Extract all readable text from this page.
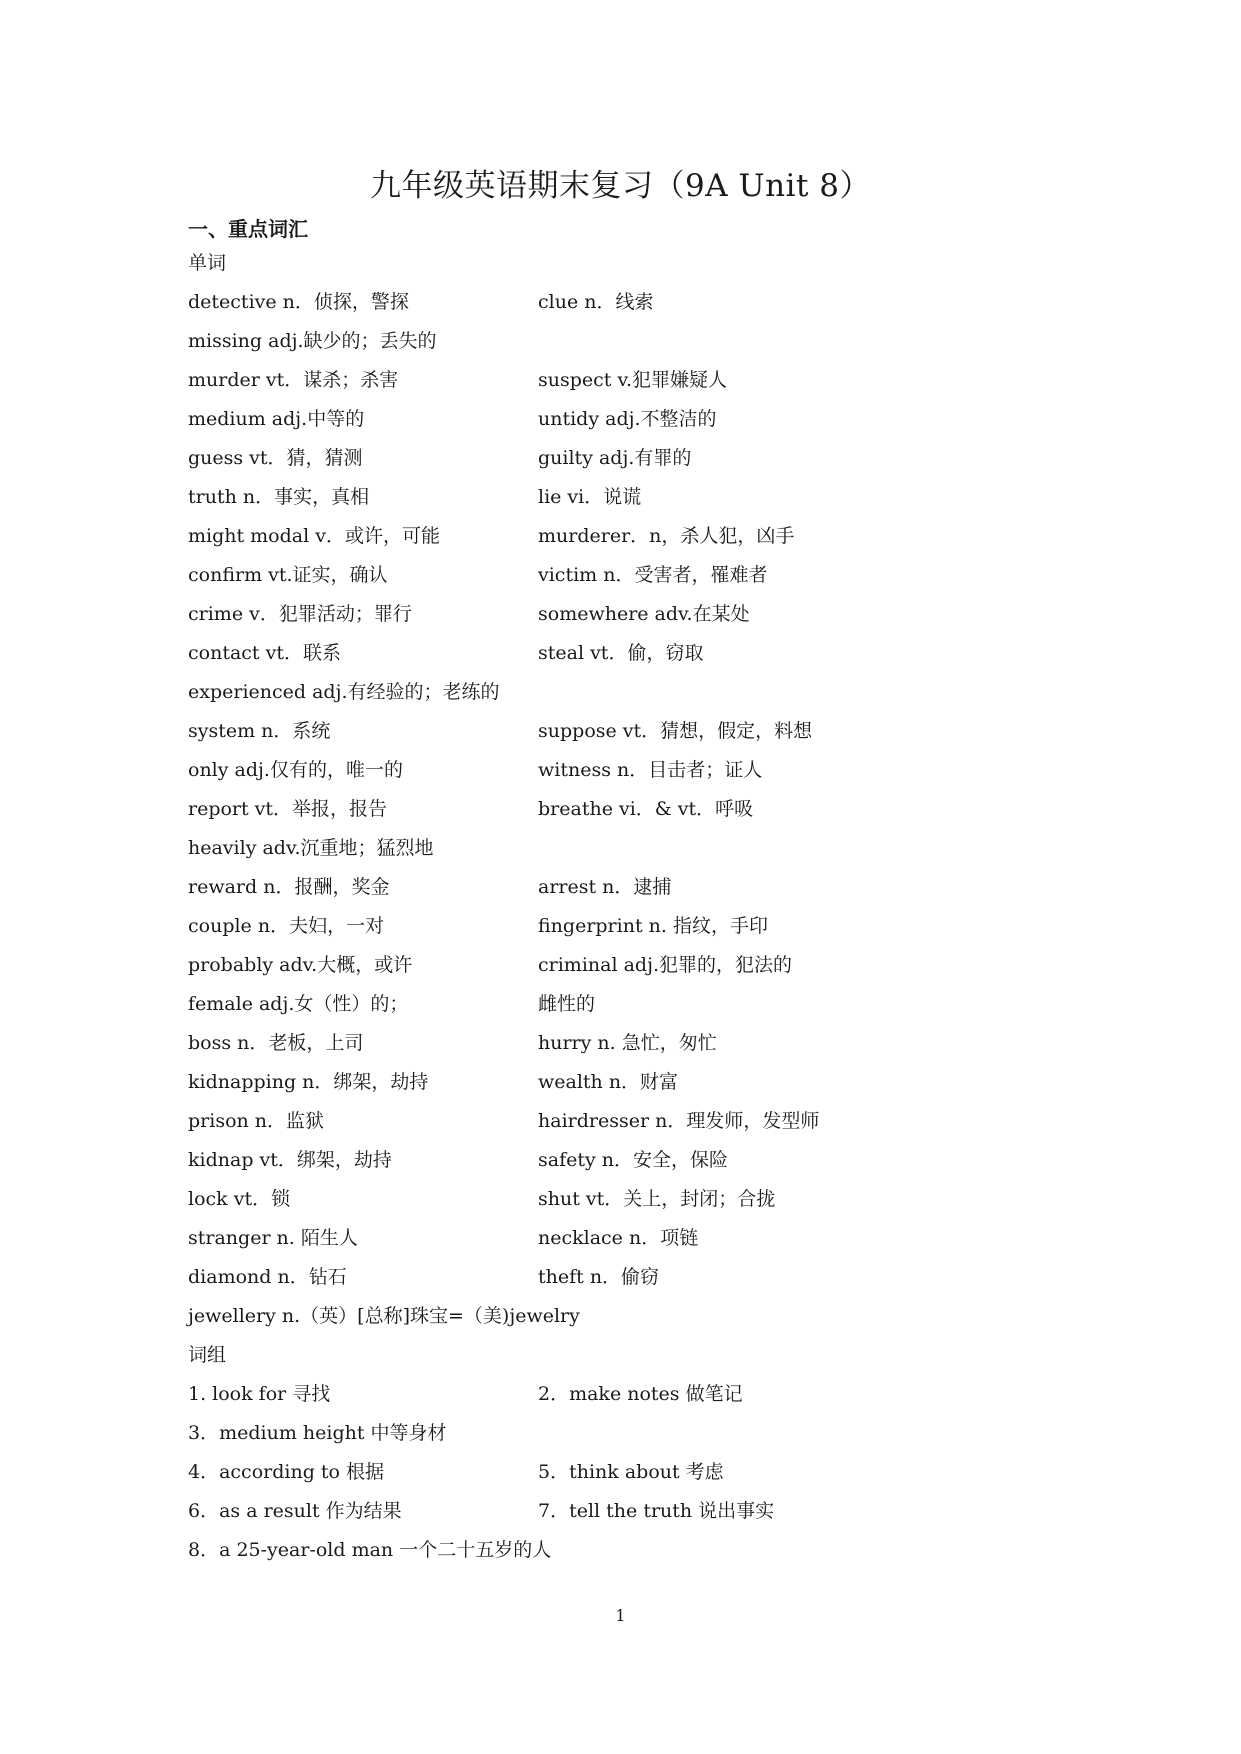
九年级英语期末复习（9A Unit 8）
一、重点词汇
单词
detective n．侦探，警探	clue n．线索
missing adj.缺少的；丢失的
murder vt．谋杀；杀害	suspect v.犯罪嫌疑人
medium adj.中等的	untidy adj.不整洁的
guess vt．猜，猜测	guilty adj.有罪的
truth n．事实，真相	lie vi．说谎
might modal v．或许，可能	murderer．n，杀人犯，凶手
confirm vt.证实，确认	victim n．受害者，罹难者
crime v．犯罪活动；罪行	somewhere adv.在某处
contact vt．联系	steal vt．偷，窃取
experienced adj.有经验的；老练的
system n．系统	suppose vt．猜想，假定，料想
only adj.仅有的，唯一的	witness n．目击者；证人
report vt．举报，报告	breathe vi．& vt．呼吸
heavily adv.沉重地；猛烈地
reward n．报酬，奖金	arrest n．逮捕
couple n．夫妇，一对	fingerprint n. 指纹，手印
probably adv.大概，或许	criminal adj.犯罪的，犯法的
female adj.女（性）的；	雌性的
boss n．老板，上司	hurry n. 急忙，匆忙
kidnapping n．绑架，劫持	wealth n．财富
prison n．监狱	hairdresser n．理发师，发型师
kidnap vt．绑架，劫持	safety n．安全，保险
lock vt．锁	shut vt．关上，封闭；合拢
stranger n. 陌生人	necklace n．项链
diamond n．钻石	theft n．偷窃
jewellery n.（英）[总称]珠宝=（美)jewelry
词组
1. look for 寻找	2．make notes 做笔记
3．medium height 中等身材
4．according to 根据	5．think about 考虑
6．as a result 作为结果	7．tell the truth 说出事实
8．a 25-year-old man 一个二十五岁的人
1
